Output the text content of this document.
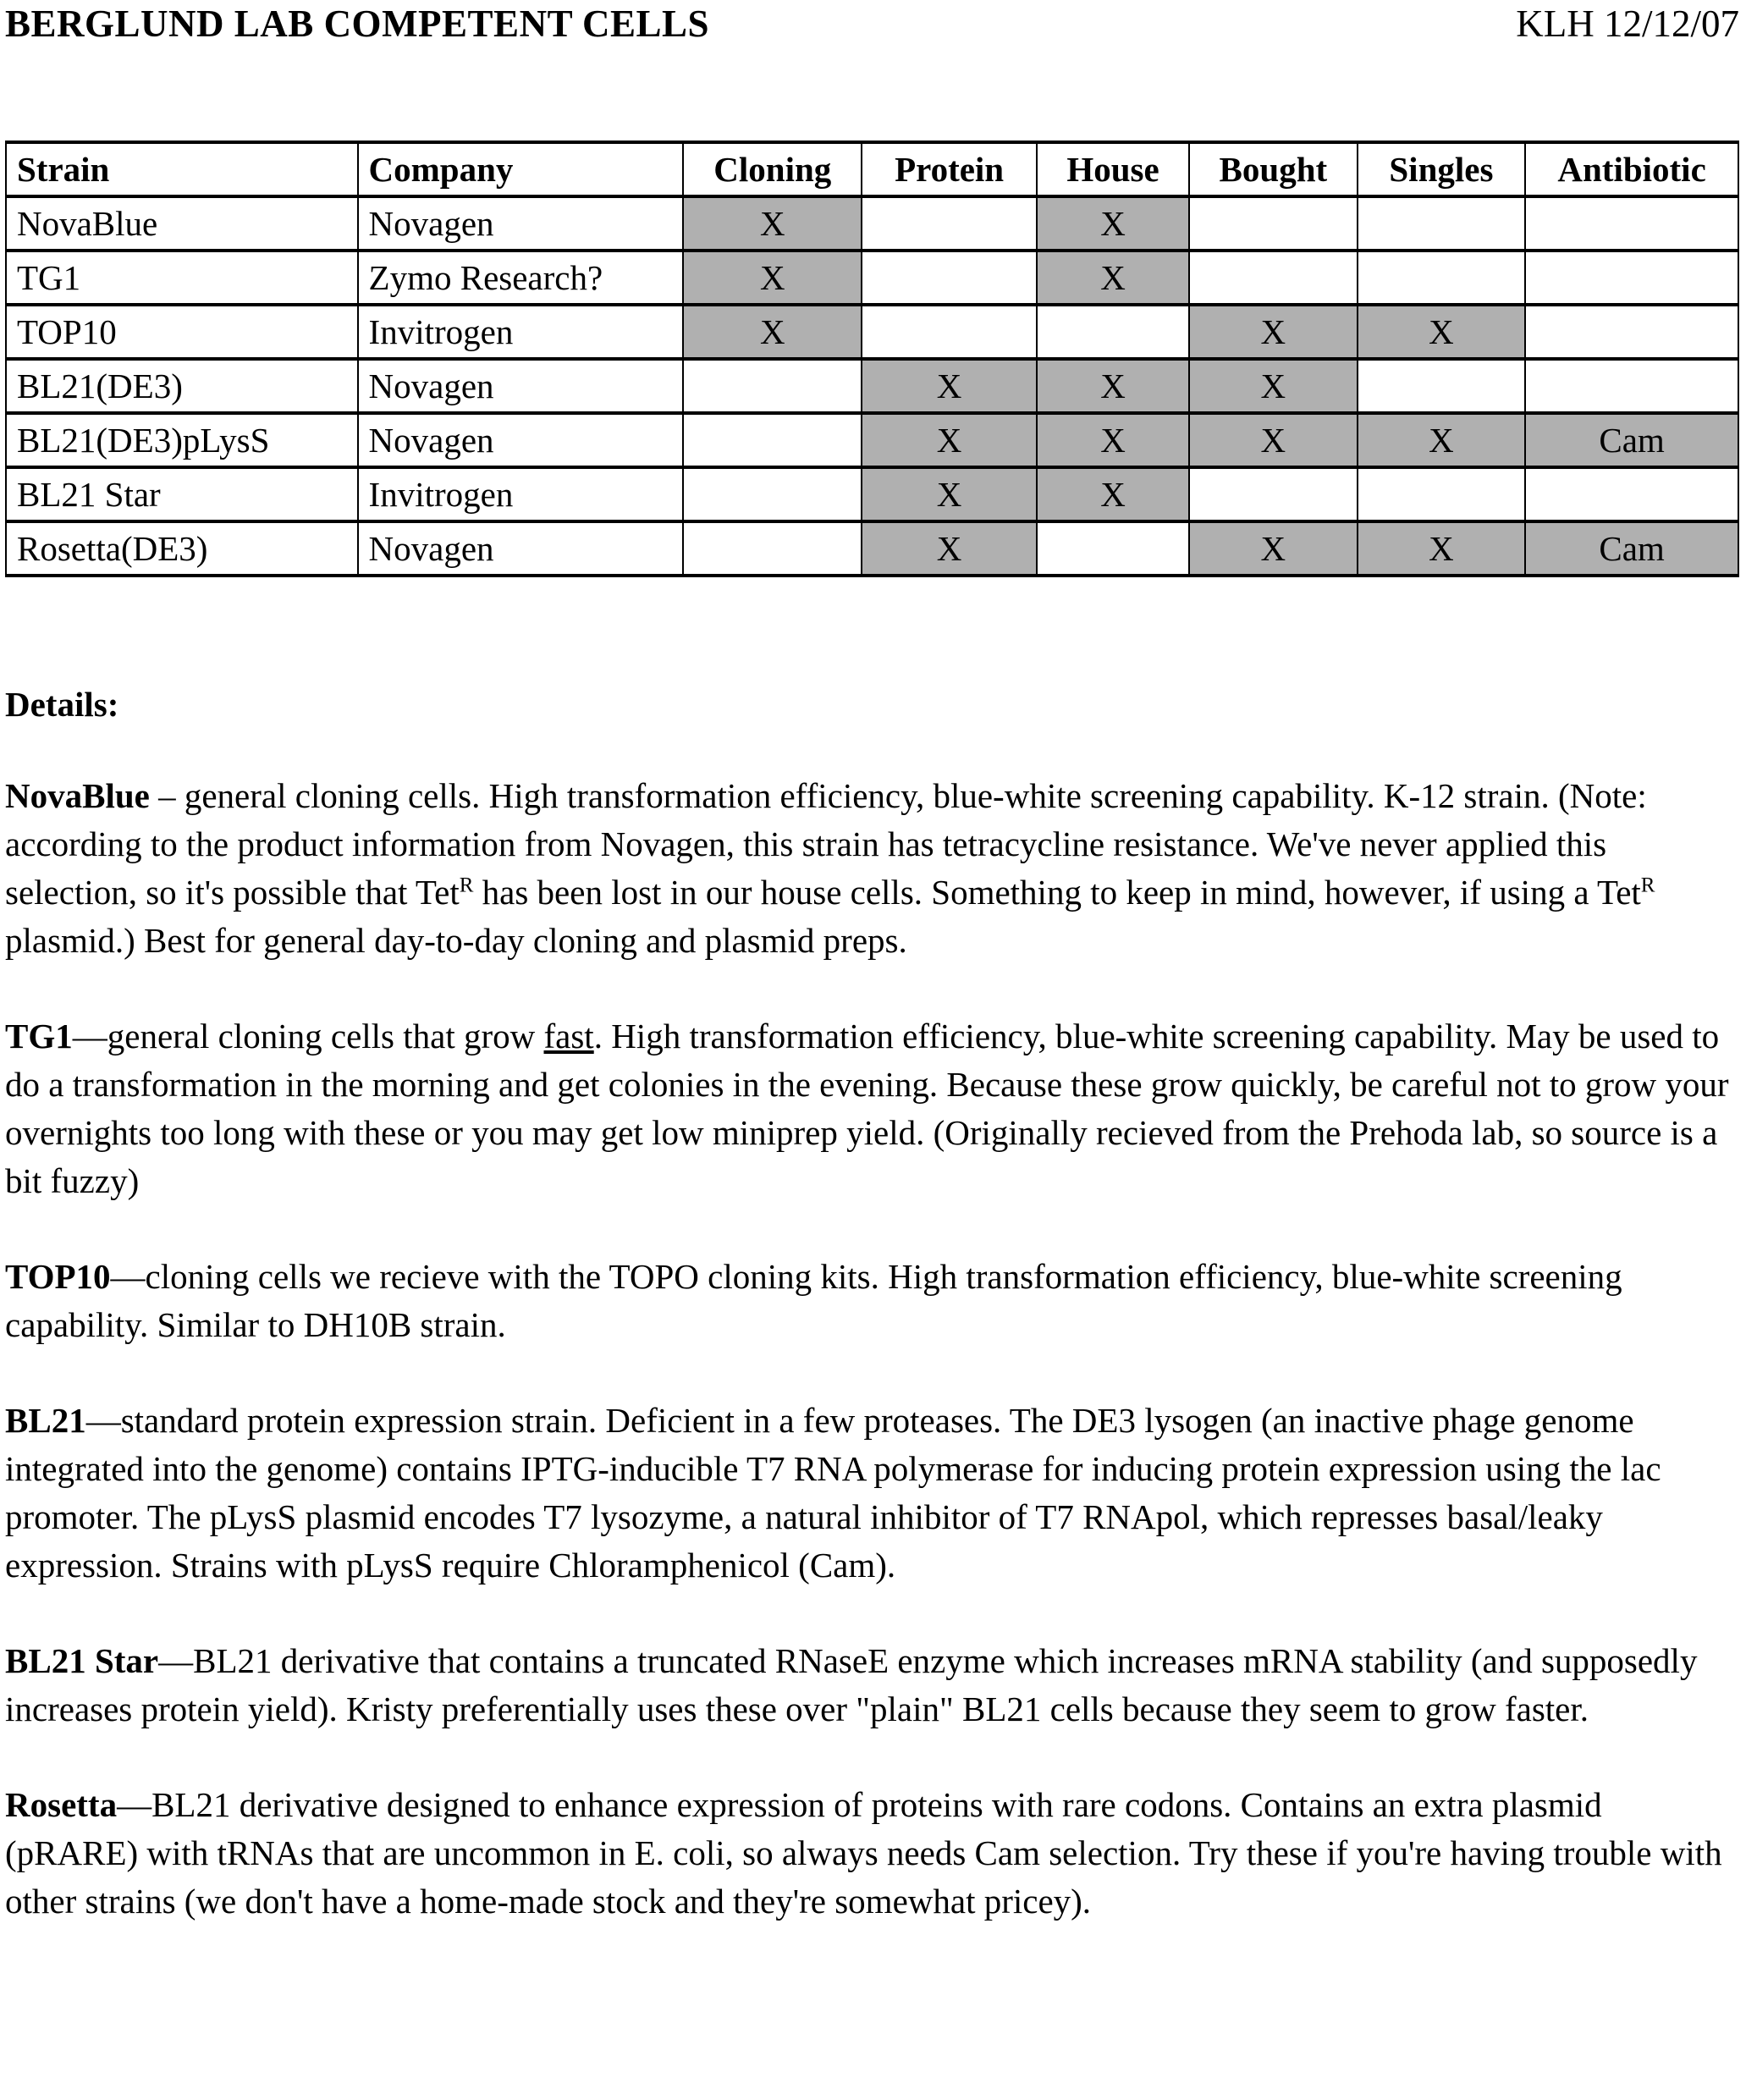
BERGLUND LAB COMPETENT CELLS	KLH 12/12/07
Strain	Company	Cloning	Protein	House	Bought	Singles	Antibiotic
NovaBlue	Novagen	X		X			
TG1	Zymo Research?	X		X			
TOP10	Invitrogen	X			X	X	
BL21(DE3)	Novagen		X	X	X		
BL21(DE3)pLysS	Novagen		X	X	X	X	Cam
BL21 Star	Invitrogen		X	X			
Rosetta(DE3)	Novagen		X		X	X	Cam
Details:

NovaBlue – general cloning cells. High transformation efficiency, blue-white screening capability. K-12 strain. (Note: according to the product information from Novagen, this strain has tetracycline resistance. We've never applied this selection, so it's possible that Tet$^R$ has been lost in our house cells. Something to keep in mind, however, if using a Tet$^R$ plasmid.) Best for general day-to-day cloning and plasmid preps.

TG1—general cloning cells that grow fast. High transformation efficiency, blue-white screening capability. May be used to do a transformation in the morning and get colonies in the evening. Because these grow quickly, be careful not to grow your overnights too long with these or you may get low miniprep yield. (Originally recieved from the Prehoda lab, so source is a bit fuzzy)

TOP10—cloning cells we recieve with the TOPO cloning kits. High transformation efficiency, blue-white screening capability. Similar to DH10B strain.

BL21—standard protein expression strain. Deficient in a few proteases. The DE3 lysogen (an inactive phage genome integrated into the genome) contains IPTG-inducible T7 RNA polymerase for inducing protein expression using the lac promoter. The pLysS plasmid encodes T7 lysozyme, a natural inhibitor of T7 RNApol, which represses basal/leaky expression. Strains with pLysS require Chloramphenicol (Cam).

BL21 Star—BL21 derivative that contains a truncated RNaseE enzyme which increases mRNA stability (and supposedly increases protein yield). Kristy preferentially uses these over "plain" BL21 cells because they seem to grow faster.

Rosetta—BL21 derivative designed to enhance expression of proteins with rare codons. Contains an extra plasmid (pRARE) with tRNAs that are uncommon in E. coli, so always needs Cam selection. Try these if you're having trouble with other strains (we don't have a home-made stock and they're somewhat pricey).
